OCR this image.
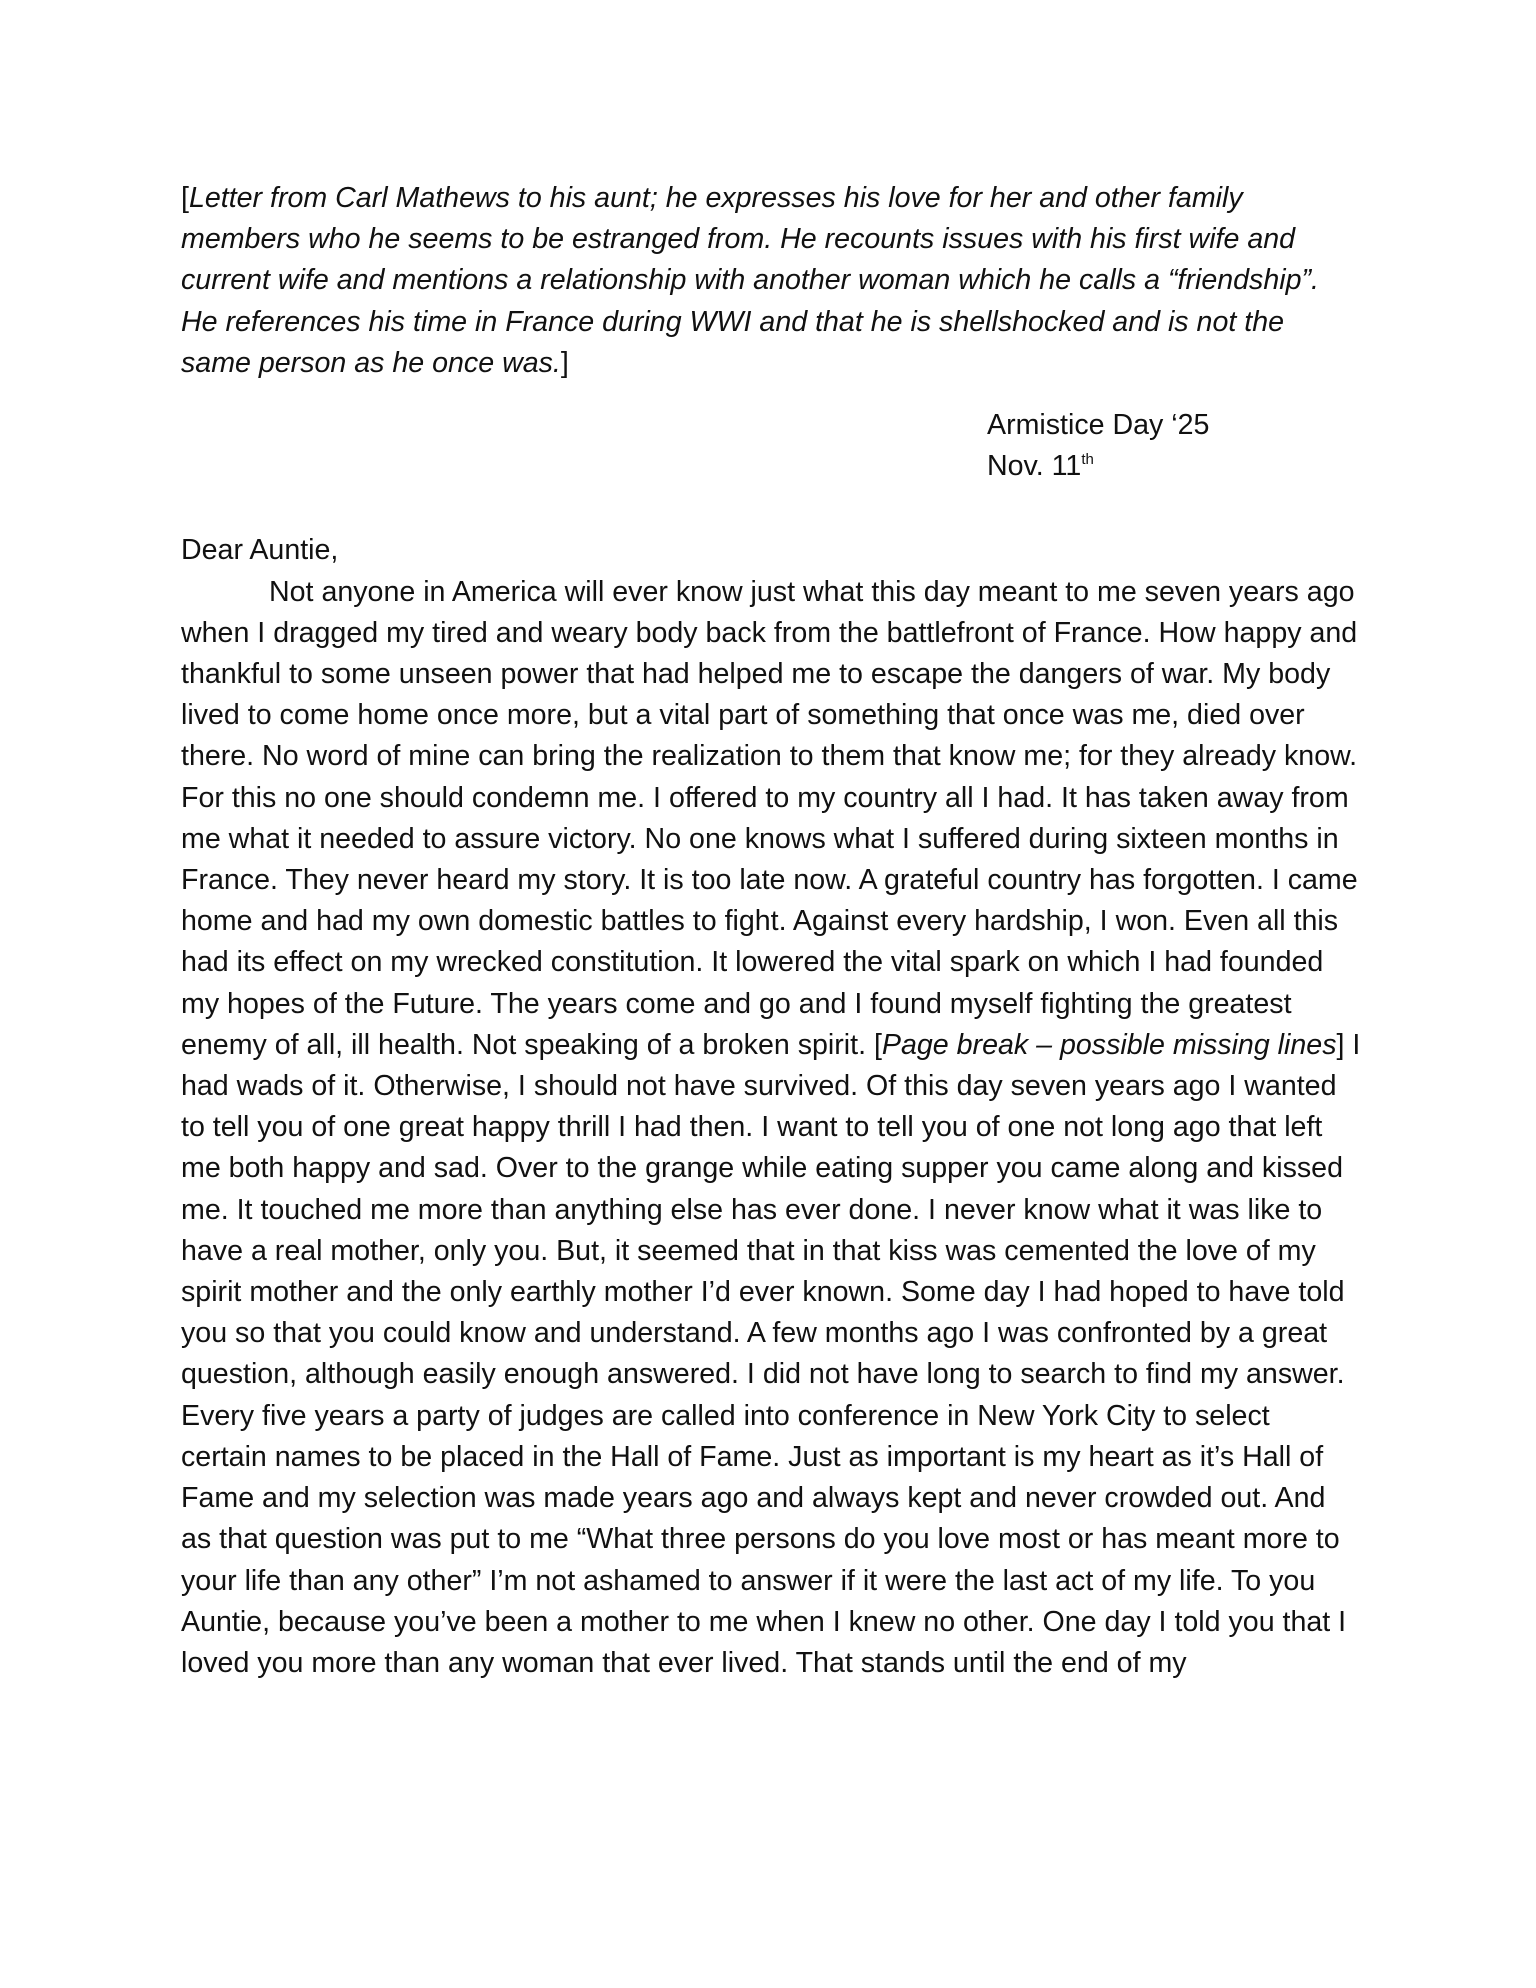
[Letter from Carl Mathews to his aunt; he expresses his love for her and other family members who he seems to be estranged from. He recounts issues with his first wife and current wife and mentions a relationship with another woman which he calls a “friendship”. He references his time in France during WWI and that he is shellshocked and is not the same person as he once was.]

Armistice Day ‘25
Nov. 11th
Dear Auntie,

Not anyone in America will ever know just what this day meant to me seven years ago when I dragged my tired and weary body back from the battlefront of France. How happy and thankful to some unseen power that had helped me to escape the dangers of war. My body lived to come home once more, but a vital part of something that once was me, died over there. No word of mine can bring the realization to them that know me; for they already know. For this no one should condemn me. I offered to my country all I had. It has taken away from me what it needed to assure victory. No one knows what I suffered during sixteen months in France. They never heard my story. It is too late now. A grateful country has forgotten. I came home and had my own domestic battles to fight. Against every hardship, I won. Even all this had its effect on my wrecked constitution. It lowered the vital spark on which I had founded my hopes of the Future. The years come and go and I found myself fighting the greatest enemy of all, ill health. Not speaking of a broken spirit. [Page break – possible missing lines] I had wads of it. Otherwise, I should not have survived. Of this day seven years ago I wanted to tell you of one great happy thrill I had then. I want to tell you of one not long ago that left me both happy and sad. Over to the grange while eating supper you came along and kissed me. It touched me more than anything else has ever done. I never know what it was like to have a real mother, only you. But, it seemed that in that kiss was cemented the love of my spirit mother and the only earthly mother I’d ever known. Some day I had hoped to have told you so that you could know and understand. A few months ago I was confronted by a great question, although easily enough answered. I did not have long to search to find my answer. Every five years a party of judges are called into conference in New York City to select certain names to be placed in the Hall of Fame. Just as important is my heart as it’s Hall of Fame and my selection was made years ago and always kept and never crowded out. And as that question was put to me “What three persons do you love most or has meant more to your life than any other” I’m not ashamed to answer if it were the last act of my life. To you Auntie, because you’ve been a mother to me when I knew no other. One day I told you that I loved you more than any woman that ever lived. That stands until the end of my
